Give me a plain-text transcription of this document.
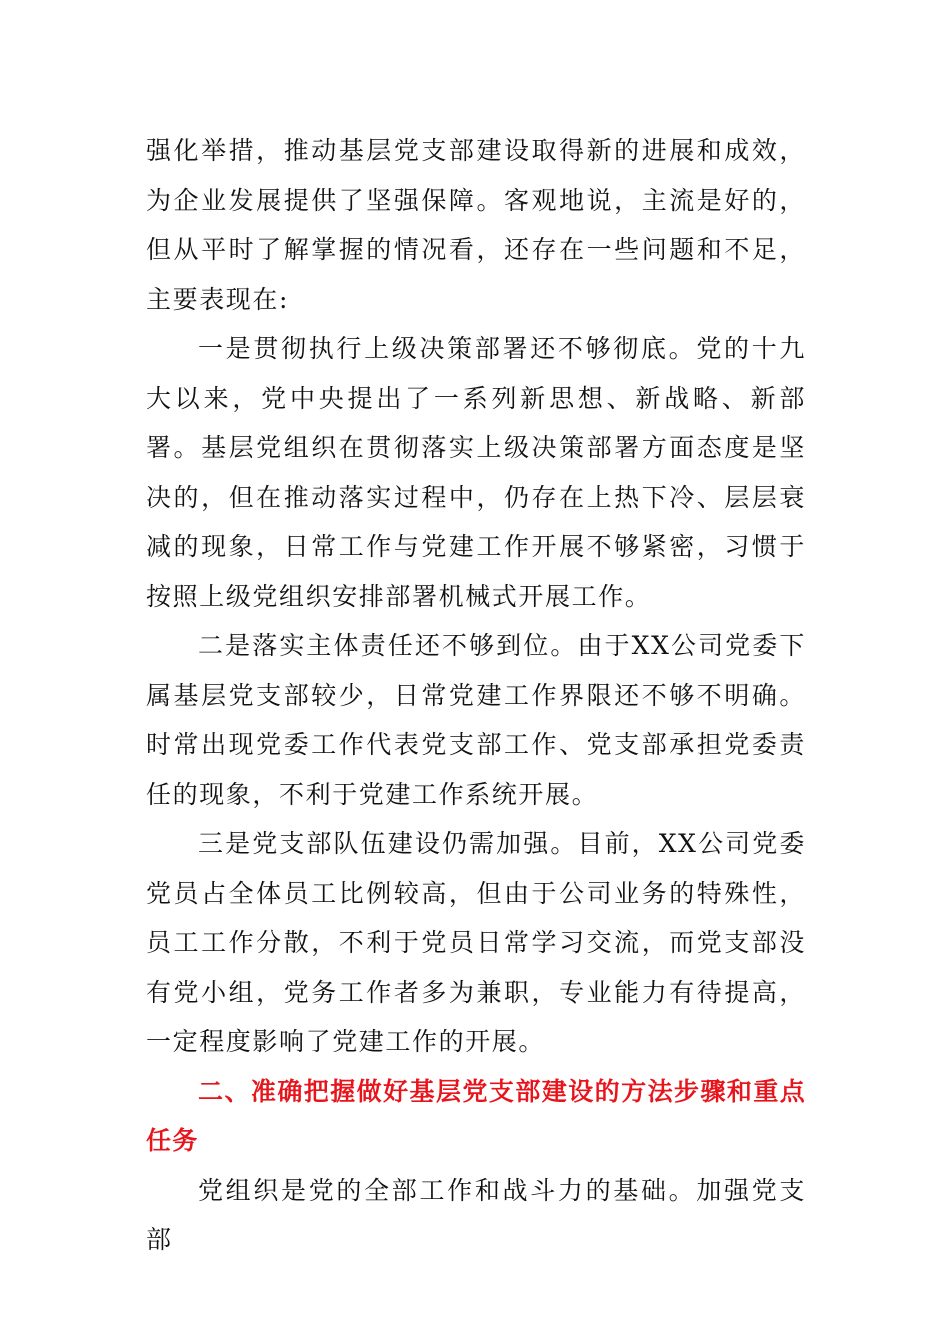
强化举措，推动基层党支部建设取得新的进展和成效，为企业发展提供了坚强保障。客观地说，主流是好的，但从平时了解掌握的情况看，还存在一些问题和不足，主要表现在:

一是贯彻执行上级决策部署还不够彻底。党的十九大以来，党中央提出了一系列新思想、新战略、新部署。基层党组织在贯彻落实上级决策部署方面态度是坚决的，但在推动落实过程中，仍存在上热下冷、层层衰减的现象，日常工作与党建工作开展不够紧密，习惯于按照上级党组织安排部署机械式开展工作。

二是落实主体责任还不够到位。由于XX公司党委下属基层党支部较少，日常党建工作界限还不够不明确。时常出现党委工作代表党支部工作、党支部承担党委责任的现象，不利于党建工作系统开展。

三是党支部队伍建设仍需加强。目前，XX公司党委党员占全体员工比例较高，但由于公司业务的特殊性，员工工作分散，不利于党员日常学习交流，而党支部没有党小组，党务工作者多为兼职，专业能力有待提高，一定程度影响了党建工作的开展。

二、准确把握做好基层党支部建设的方法步骤和重点任务

党组织是党的全部工作和战斗力的基础。加强党支部
